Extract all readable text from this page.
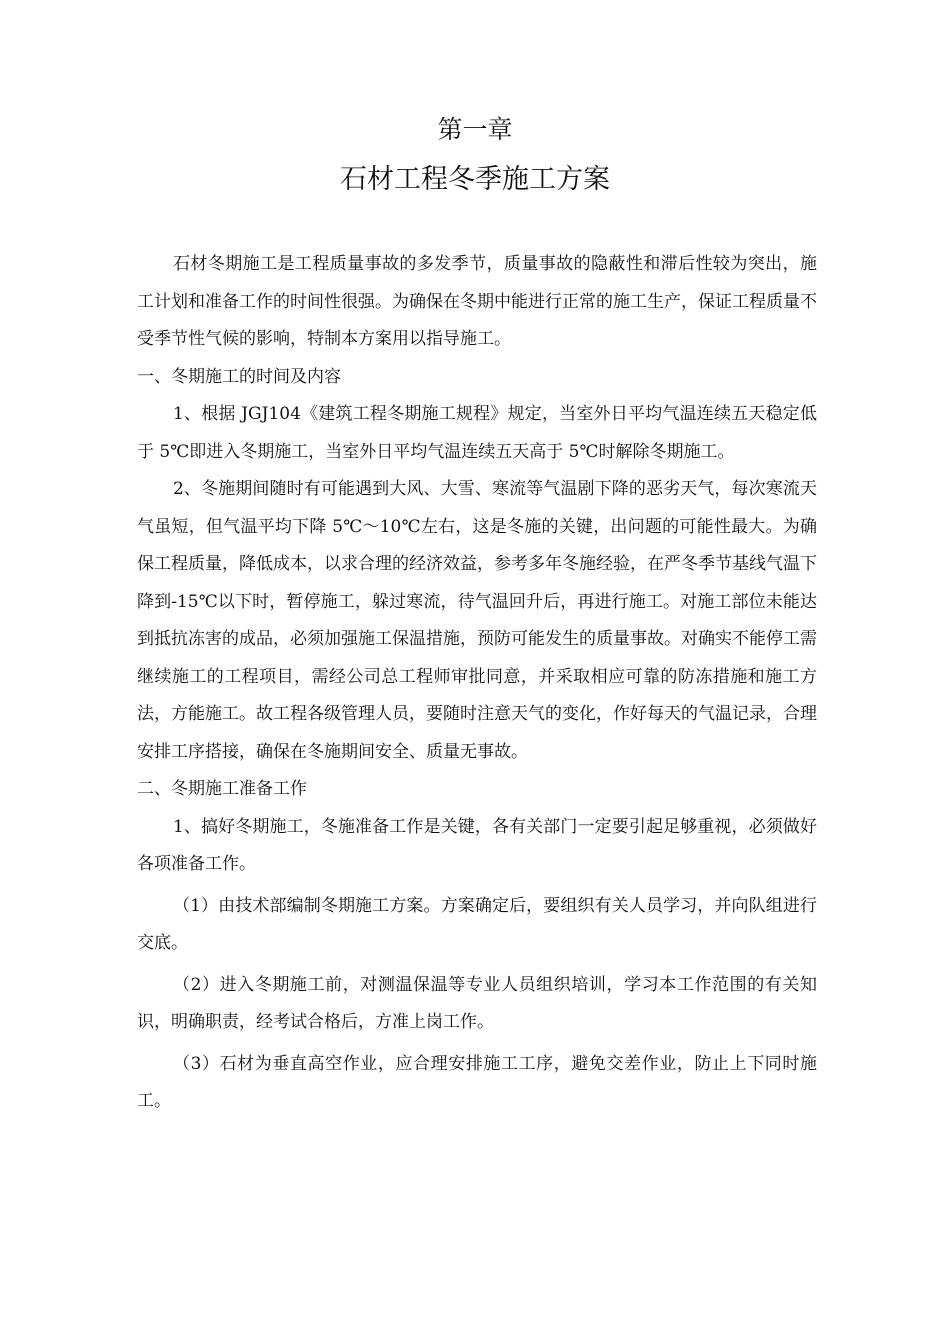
第一章
石材工程冬季施工方案

石材冬期施工是工程质量事故的多发季节，质量事故的隐蔽性和滞后性较为突出，施工计划和准备工作的时间性很强。为确保在冬期中能进行正常的施工生产，保证工程质量不受季节性气候的影响，特制本方案用以指导施工。

一、冬期施工的时间及内容

1、根据 JGJ104《建筑工程冬期施工规程》规定，当室外日平均气温连续五天稳定低于 5℃即进入冬期施工，当室外日平均气温连续五天高于 5℃时解除冬期施工。

2、冬施期间随时有可能遇到大风、大雪、寒流等气温剧下降的恶劣天气，每次寒流天气虽短，但气温平均下降 5℃～10℃左右，这是冬施的关键，出问题的可能性最大。为确保工程质量，降低成本，以求合理的经济效益，参考多年冬施经验，在严冬季节基线气温下降到-15℃以下时，暂停施工，躲过寒流，待气温回升后，再进行施工。对施工部位未能达到抵抗冻害的成品，必须加强施工保温措施，预防可能发生的质量事故。对确实不能停工需继续施工的工程项目，需经公司总工程师审批同意，并采取相应可靠的防冻措施和施工方法，方能施工。故工程各级管理人员，要随时注意天气的变化，作好每天的气温记录，合理安排工序搭接，确保在冬施期间安全、质量无事故。

二、冬期施工准备工作

1、搞好冬期施工，冬施准备工作是关键，各有关部门一定要引起足够重视，必须做好各项准备工作。

（1）由技术部编制冬期施工方案。方案确定后，要组织有关人员学习，并向队组进行交底。

（2）进入冬期施工前，对测温保温等专业人员组织培训，学习本工作范围的有关知识，明确职责，经考试合格后，方准上岗工作。

（3）石材为垂直高空作业，应合理安排施工工序，避免交差作业，防止上下同时施工。
